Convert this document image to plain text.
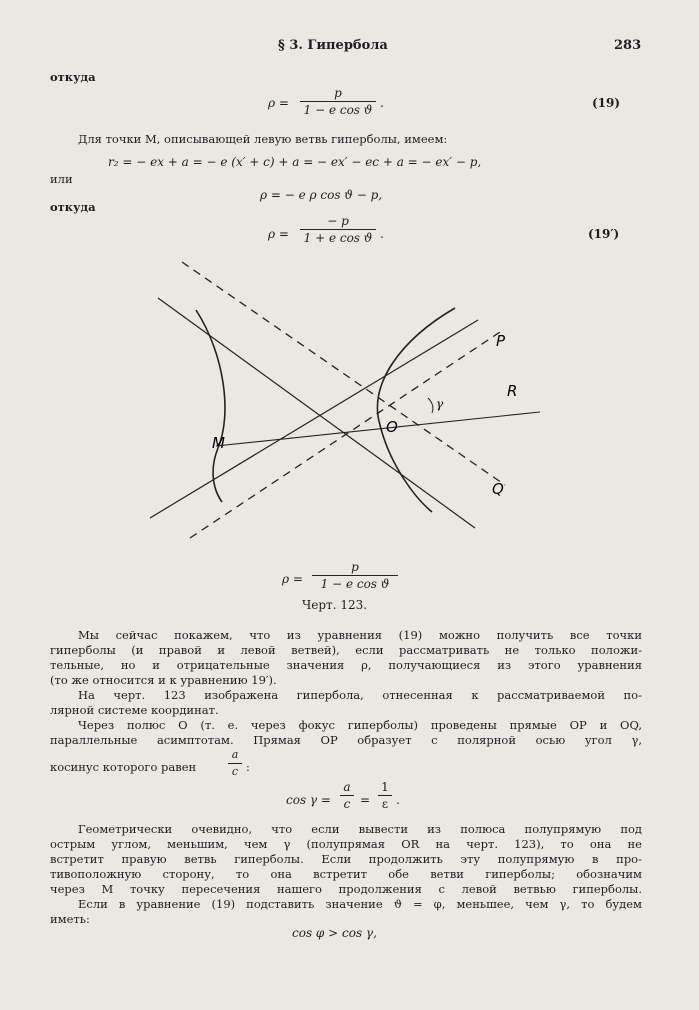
§ 3. Гипербола	283
откуда
ρ =
p
1 − e cos ϑ .	(19)
Для точки M, описывающей левую ветвь гиперболы, имеем:
r₂ = − ex + a = − e (x′ + c) + a = − ex′ − ec + a = − ex′ − p,
или
ρ = − e ρ cos ϑ − p,
откуда
ρ =
− p
1 + e cos ϑ .	(19′)
γ
P
R
O
M
Q
ρ =
p
1 − e cos ϑ
Черт. 123.
Мы сейчас покажем, что из уравнения (19) можно получить все точки
гиперболы (и правой и левой ветвей), если рассматривать не только положи-
тельные, но и отрицательные значения ρ, получающиеся из этого уравнения
(то же относится и к уравнению 19′).
На черт. 123 изображена гипербола, отнесенная к рассматриваемой по-
лярной системе координат.
Через полюс O (т. е. через фокус гиперболы) проведены прямые OP и OQ,
параллельные асимптотам. Прямая OP образует с полярной осью угол γ,
косинус которого равен
a
c :
cos γ =
a
c =
1
ε .
Геометрически очевидно, что если вывести из полюса полупрямую под
острым углом, меньшим, чем γ (полупрямая OR на черт. 123), то она не
встретит правую ветвь гиперболы. Если продолжить эту полупрямую в про-
тивоположную сторону, то она встретит обе ветви гиперболы; обозначим
через M точку пересечения нашего продолжения с левой ветвью гиперболы.
Если в уравнение (19) подставить значение ϑ = φ, меньшее, чем γ, то будем
иметь:
cos φ > cos γ,
